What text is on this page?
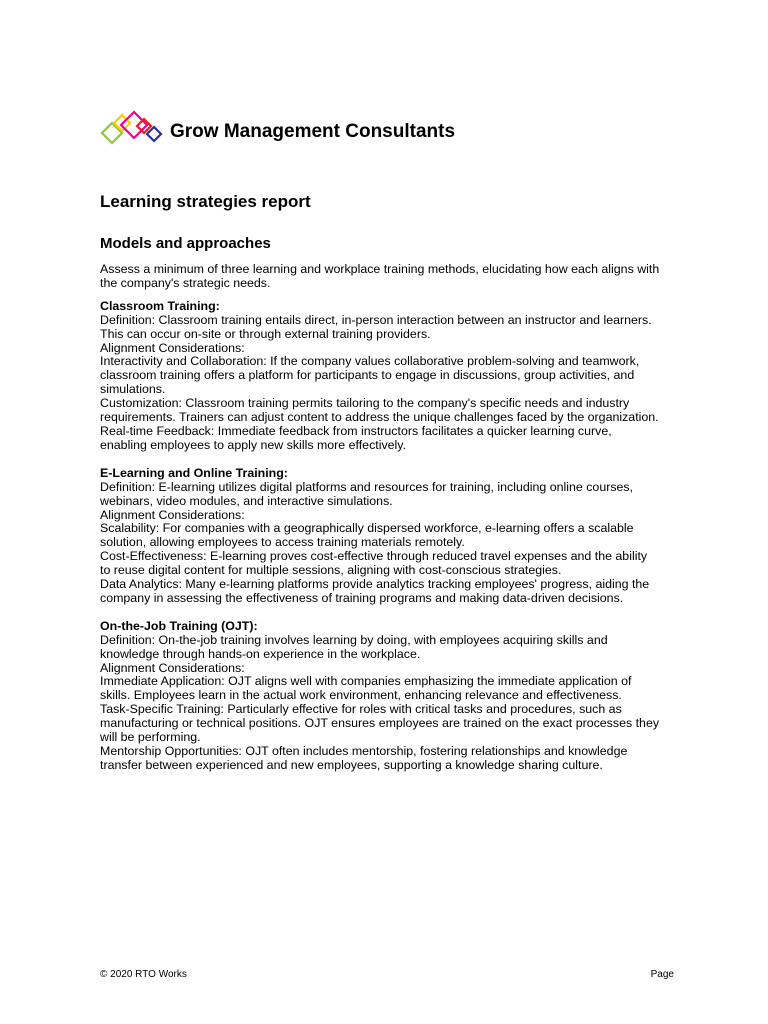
Grow Management Consultants
Learning strategies report
Models and approaches

Assess a minimum of three learning and workplace training methods, elucidating how each aligns with the company's strategic needs.

Classroom Training:

Definition: Classroom training entails direct, in-person interaction between an instructor and learners. This can occur on-site or through external training providers.

Alignment Considerations:

Interactivity and Collaboration: If the company values collaborative problem-solving and teamwork, classroom training offers a platform for participants to engage in discussions, group activities, and simulations.

Customization: Classroom training permits tailoring to the company's specific needs and industry requirements. Trainers can adjust content to address the unique challenges faced by the organization.

Real-time Feedback: Immediate feedback from instructors facilitates a quicker learning curve, enabling employees to apply new skills more effectively.

E-Learning and Online Training:

Definition: E-learning utilizes digital platforms and resources for training, including online courses, webinars, video modules, and interactive simulations.

Alignment Considerations:

Scalability: For companies with a geographically dispersed workforce, e-learning offers a scalable solution, allowing employees to access training materials remotely.

Cost-Effectiveness: E-learning proves cost-effective through reduced travel expenses and the ability to reuse digital content for multiple sessions, aligning with cost-conscious strategies.

Data Analytics: Many e-learning platforms provide analytics tracking employees' progress, aiding the company in assessing the effectiveness of training programs and making data-driven decisions.

On-the-Job Training (OJT):

Definition: On-the-job training involves learning by doing, with employees acquiring skills and knowledge through hands-on experience in the workplace.

Alignment Considerations:

Immediate Application: OJT aligns well with companies emphasizing the immediate application of skills. Employees learn in the actual work environment, enhancing relevance and effectiveness.

Task-Specific Training: Particularly effective for roles with critical tasks and procedures, such as manufacturing or technical positions. OJT ensures employees are trained on the exact processes they will be performing.

Mentorship Opportunities: OJT often includes mentorship, fostering relationships and knowledge transfer between experienced and new employees, supporting a knowledge sharing culture.

© 2020 RTO Works	Page
